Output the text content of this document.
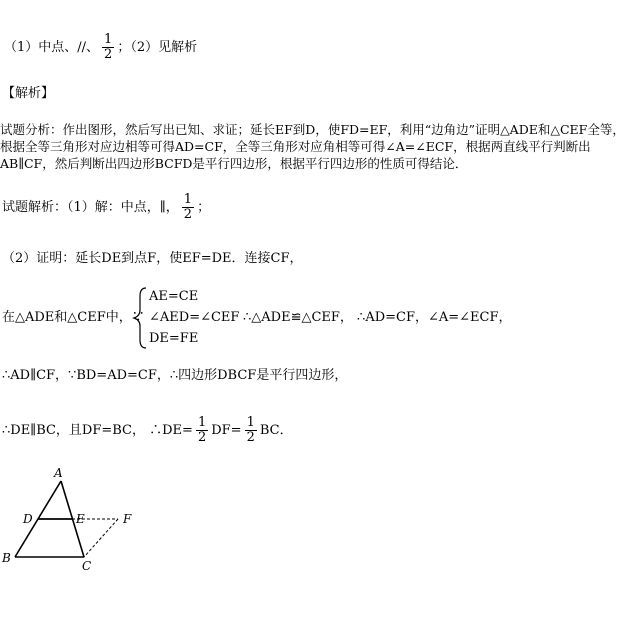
（1）中点、//、 $\frac{1}{2}$ ；（2）见解析
【解析】
试题分析：作出图形，然后写出已知、求证；延长EF到D，使FD=EF，利用“边角边”证明△ADE和△CEF全等，根据全等三角形对应边相等可得AD=CF，全等三角形对应角相等可得∠A=∠ECF，根据两直线平行判断出AB∥CF，然后判断出四边形BCFD是平行四边形，根据平行四边形的性质可得结论．
试题解析：（1）解：中点，∥， $\frac{1}{2}$ ；
（2）证明：延长DE到点F，使EF=DE．连接CF，
在△ADE和△CEF中，∵
AE=CE
∠AED=∠CEF
DE=FE
∴△ADE≌△CEF， ∴AD=CF，∠A=∠ECF，
∴AD∥CF，∵BD=AD=CF，∴四边形DBCF是平行四边形，
∴DE∥BC，且DF=BC， ∴DE= $\frac{1}{2} DF= \frac{1}{2}$ BC．
A
B
C
D	E	F
